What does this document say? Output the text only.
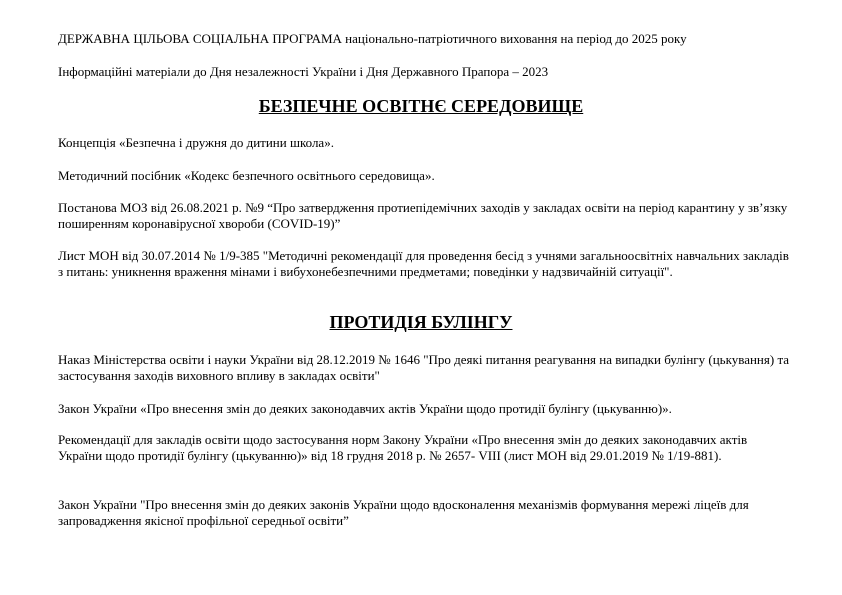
ДЕРЖАВНА ЦІЛЬОВА СОЦІАЛЬНА ПРОГРАМА національно-патріотичного виховання на період до 2025 року
Інформаційні матеріали до Дня незалежності України і Дня Державного Прапора – 2023
БЕЗПЕЧНЕ ОСВІТНЄ СЕРЕДОВИЩЕ
Концепція «Безпечна і дружня до дитини школа».
Методичний посібник «Кодекс безпечного освітнього середовища».
Постанова МОЗ від 26.08.2021 р. №9 “Про затвердження протиепідемічних заходів у закладах освіти на період карантину у зв’язку поширенням коронавірусної хвороби (COVID-19)”
Лист МОН від 30.07.2014 № 1/9-385 "Методичні рекомендації для проведення бесід з учнями загальноосвітніх навчальних закладів з питань: уникнення враження мінами і вибухонебезпечними предметами; поведінки у надзвичайній ситуації".
ПРОТИДІЯ БУЛІНГУ
Наказ Міністерства освіти і науки України від 28.12.2019 № 1646 "Про деякі питання реагування на випадки булінгу (цькування) та застосування заходів виховного впливу в закладах освіти"
Закон України «Про внесення змін до деяких законодавчих актів України щодо протидії булінгу (цькуванню)».
Рекомендації для закладів освіти щодо застосування норм Закону України «Про внесення змін до деяких законодавчих актів України щодо протидії булінгу (цькуванню)» від 18 грудня 2018 р. № 2657- VIII (лист МОН від 29.01.2019 № 1/19-881).
Закон України "Про внесення змін до деяких законів України щодо вдосконалення механізмів формування мережі ліцеїв для запровадження якісної профільної середньої освіти”
